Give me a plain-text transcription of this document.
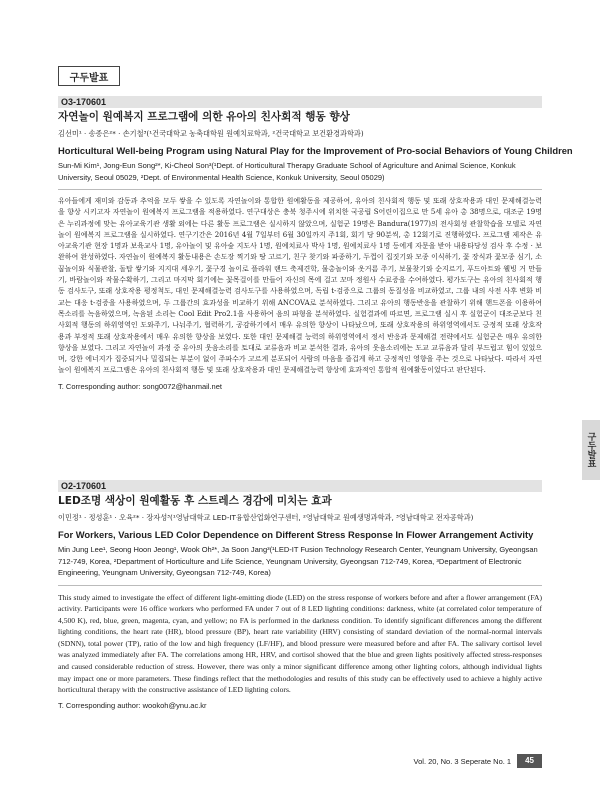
구두발표
O3-170601
자연놀이 원예복지 프로그램에 의한 유아의 친사회적 행동 향상
김선미¹ · 송종은²* · 손기철³(¹건국대학교 농축대학원 원예치료학과, ²건국대학교 보건환경과학과)
Horticultural Well-being Program using Natural Play for the Improvement of Pro-social Behaviors of Young Children
Sun-Mi Kim¹, Jong-Eun Song²*, Ki-Cheol Son³(¹Dept. of Horticultural Therapy Graduate School of Agriculture and Animal Science, Konkuk University, Seoul 05029, ²Dept. of Environmental Health Science, Konkuk University, Seoul 05029)
유아들에게 재미와 감동과 추억을 모두 쌓을 수 있도록 자연놀이와 통합한 원예활동을 제공하여, 유아의 친사회적 행동 및 또래 상호작용과 대인 문제해결능력을 향상 시키고자 자연놀이 원예복지 프로그램을 적용하였다. 연구대상은 충북 청주시에 위치한 국공립 S어린이집으로 만 5세 유아 총 38명으로, 대조군 19명은 누리과정에 맞는 유아교육기관 생활 외에는 다른 활동 프로그램은 실시하지 않았으며, 실험군 19명은 Bandura(1977)의 전사회성 관찰학습을 모델로 자연놀이 원예복지 프로그램을 실시하였다. 연구기간은 2016년 4월 7일부터 6월 30일까지 주1회, 회기 당 90분씩, 총 12회기로 진행하였다. 프로그램 제작은 유아교육기관 현장 1명과 보육교사 1명, 유아놀이 및 유아숲 지도사 1명, 원예치료사 박사 1명, 원예치료사 1명 등에게 자문을 받아 내용타당성 검사 후 수정 · 보완하여 완성하였다. 자연놀이 원예복지 활동내용은 손도장 찍기와 땅 고르기, 친구 찾기와 파종하기, 두껍이 집짓기와 모종 이식하기, 꽃 장식과 꽃모종 심기, 소꿉놀이와 식물관찰, 돌탑 쌓기와 지지대 세우기, 꽃구경 놀이로 플라워 랜드 축제견학, 물총놀이와 옷거름 주기, 보물찾기와 순지르기, 푸드아트와 웰빙 거 만들기, 바람놀이와 작물수확하기, 그리고 마지막 회기에는 꽃목걸이를 만들어 자신의 목에 걸고 꼬마 정원사 수료증을 수여하였다. 평가도구는 유아의 친사회적 행동 검사도구, 또래 상호작용 평정척도, 대인 문제해결능력 검사도구를 사용하였으며, 독립 t-검증으로 그룹의 동질성을 비교하였고, 그룹 내의 사전 사후 변화 비교는 대응 t-검증을 사용하였으며, 두 그룹간의 효과성을 비교하기 위해 ANCOVA로 분석하였다. 그리고 유아의 행동반응을 관찰하기 위해 핸드폰을 이용하여 목소리를 녹음하였으며, 녹음된 소리는 Cool Edit Pro2.1을 사용하여 음의 파형을 분석하였다. 실험결과에 따르면, 프로그램 실시 후 실험군이 대조군보다 친사회적 행동의 하위영역인 도와주기, 나눠주기, 협력하기, 공감하기에서 매우 유의한 향상이 나타났으며, 또래 상호작용의 하위영역에서도 긍정적 또래 상호작용과 부정적 또래 상호작용에서 매우 유의한 향상을 보였다. 또한 대인 문제해결 능력의 하위영역에서 정서 반응과 문제해결 전략에서도 실험군은 매우 유의한 향상을 보였다. 그리고 자연놀이 과정 중 유아의 웃음소리를 토대로 교류음과 비교 분석한 결과, 유아의 웃음소리에는 도교 교류음과 달리 부드럽고 힘이 있었으며, 강한 에너지가 집중되거나 밀집되는 부분이 없이 주파수가 고르게 분포되어 사람의 마음을 즐겁게 하고 긍정적인 영향을 주는 것으로 나타났다. 따라서 자연놀이 원예복지 프로그램은 유아의 친사회적 행동 및 또래 상호작용과 대인 문제해결능력 향상에 효과적인 통합적 원예활동이었다고 판단된다.
T. Corresponding author: song0072@hanmail.net
O2-170601
LED조명 색상이 원예활동 후 스트레스 경감에 미치는 효과
이민정¹ · 정성훈¹ · 오육²* · 장자성³(¹영남대학교 LED-IT융합산업화연구센터, ²영남대학교 원예생명과학과, ³영남대학교 전자공학과)
For Workers, Various LED Color Dependence on Different Stress Response In Flower Arrangement Activity
Min Jung Lee¹, Seong Hoon Jeong¹, Wook Oh²*, Ja Soon Jang³(¹LED-IT Fusion Technology Research Center, Yeungnam University, Gyeongsan 712-749, Korea, ²Department of Horticulture and Life Science, Yeungnam University, Gyeongsan 712-749, Korea, ³Department of Electronic Engineering, Yeungnam University, Gyeongsan 712-749, Korea)
This study aimed to investigate the effect of different light-emitting diode (LED) on the stress response of workers before and after a flower arrangement (FA) activity. Participants were 16 office workers who performed FA under 7 out of 8 LED lighting conditions: darkness, white (at correlated color temperature of 4,500 K), red, blue, green, magenta, cyan, and yellow; no FA is performed in the darkness condition. To identify significant differences among the different lighting conditions, the heart rate (HR), blood pressure (BP), heart rate variability (HRV) consisting of standard deviation of the normal-normal intervals (SDNN), total power (TP), ratio of the low and high frequency (LF/HF), and blood pressure were measured before and after FA. The salivary cortisol level was analyzed immediately after FA. The correlations among HR, HRV, and cortisol showed that the blue and green lights positively affected stress-responses and caused considerable reduction of stress. However, there was only a minor significant difference among other lighting colors, although individual lights may impact one or more parameters. These findings reflect that the methodologies and results of this study can be effectively used to achieve a highly active horticultural therapy with the constructive assistance of LED lighting colors.
T. Corresponding author: wookoh@ynu.ac.kr
구두발표
Vol. 20, No. 3 Seperate No. 1	45
